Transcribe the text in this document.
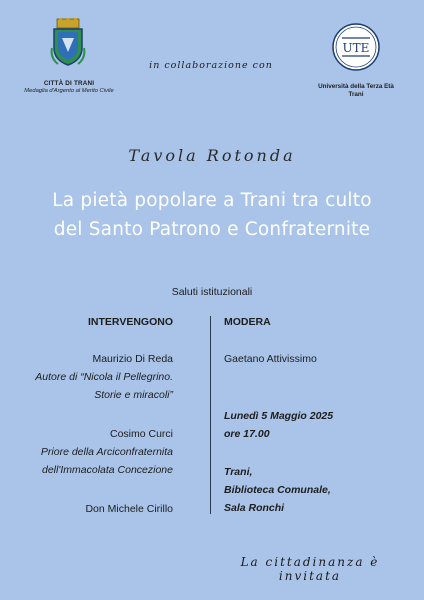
CITTÀ DI TRANI
Medaglia d'Argento al Merito Civile
in collaborazione con
UTE
Università della Terza Età
Trani
Tavola Rotonda
La pietà popolare a Trani tra culto
del Santo Patrono e Confraternite
Saluti istituzionali
INTERVENGONO
Maurizio Di Reda
Autore di “Nicola il Pellegrino.
Storie e miracoli”
Cosimo Curci
Priore della Arciconfraternita
dell'Immacolata Concezione
Don Michele Cirillo
MODERA
Gaetano Attivissimo
Lunedì 5 Maggio 2025
ore 17.00
Trani,
Biblioteca Comunale,
Sala Ronchi
La cittadinanza è invitata
